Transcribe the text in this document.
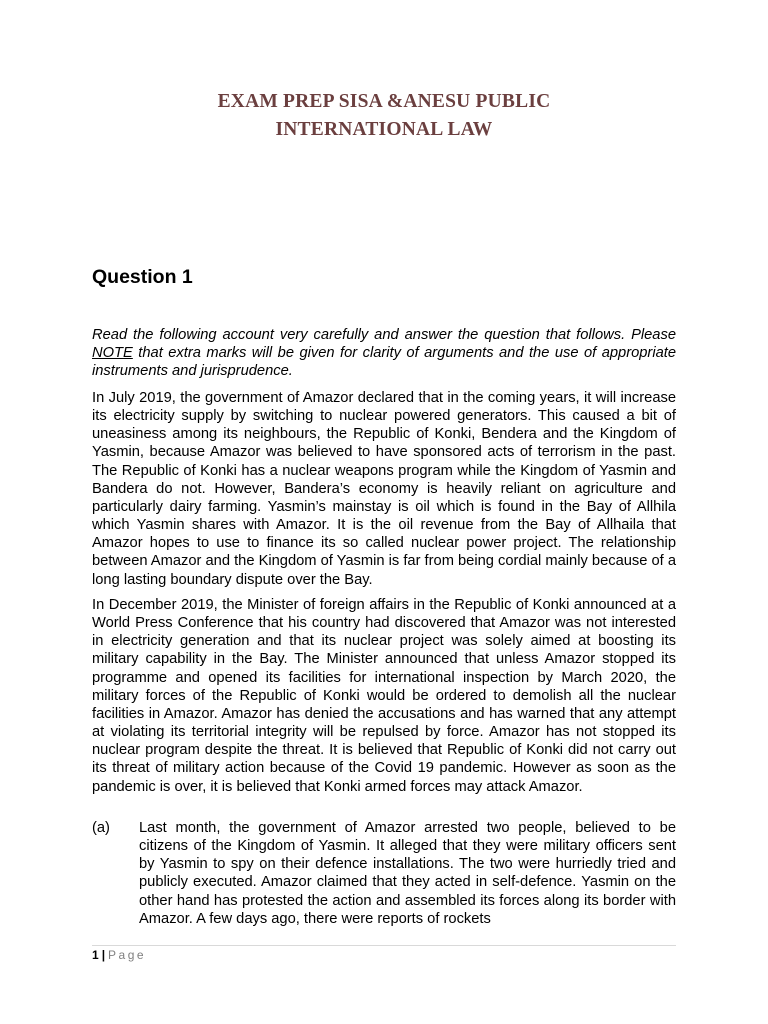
EXAM PREP SISA &ANESU PUBLIC
INTERNATIONAL LAW
Question 1

Read the following account very carefully and answer the question that follows. Please NOTE that extra marks will be given for clarity of arguments and the use of appropriate instruments and jurisprudence.

In July 2019, the government of Amazor declared that in the coming years, it will increase its electricity supply by switching to nuclear powered generators. This caused a bit of uneasiness among its neighbours, the Republic of Konki, Bendera and the Kingdom of Yasmin, because Amazor was believed to have sponsored acts of terrorism in the past. The Republic of Konki has a nuclear weapons program while the Kingdom of Yasmin and Bandera do not. However, Bandera’s economy is heavily reliant on agriculture and particularly dairy farming. Yasmin’s mainstay is oil which is found in the Bay of Allhila which Yasmin shares with Amazor. It is the oil revenue from the Bay of Allhaila that Amazor hopes to use to finance its so called nuclear power project. The relationship between Amazor and the Kingdom of Yasmin is far from being cordial mainly because of a long lasting boundary dispute over the Bay.

In December 2019, the Minister of foreign affairs in the Republic of Konki announced at a World Press Conference that his country had discovered that Amazor was not interested in electricity generation and that its nuclear project was solely aimed at boosting its military capability in the Bay. The Minister announced that unless Amazor stopped its programme and opened its facilities for international inspection by March 2020, the military forces of the Republic of Konki would be ordered to demolish all the nuclear facilities in Amazor. Amazor has denied the accusations and has warned that any attempt at violating its territorial integrity will be repulsed by force. Amazor has not stopped its nuclear program despite the threat. It is believed that Republic of Konki did not carry out its threat of military action because of the Covid 19 pandemic. However as soon as the pandemic is over, it is believed that Konki armed forces may attack Amazor.

(a) Last month, the government of Amazor arrested two people, believed to be citizens of the Kingdom of Yasmin. It alleged that they were military officers sent by Yasmin to spy on their defence installations. The two were hurriedly tried and publicly executed. Amazor claimed that they acted in self-defence. Yasmin on the other hand has protested the action and assembled its forces along its border with Amazor. A few days ago, there were reports of rockets

1 | Page
